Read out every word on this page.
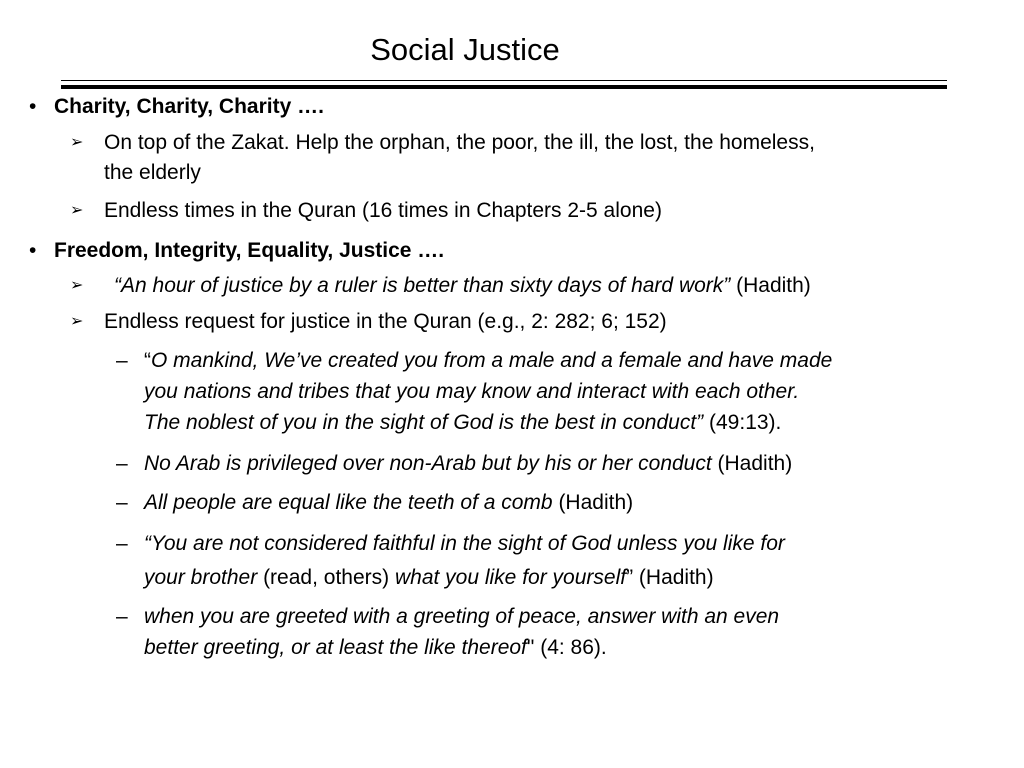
Social Justice
• Charity, Charity, Charity ….
➢ On top of the Zakat. Help the orphan, the poor, the ill, the lost, the homeless,
the elderly
➢ Endless times in the Quran (16 times in Chapters 2-5 alone)
• Freedom, Integrity, Equality, Justice ….
➢ “An hour of justice by a ruler is better than sixty days of hard work” (Hadith)
➢ Endless request for justice in the Quran (e.g., 2: 282; 6; 152)
– “O mankind, We’ve created you from a male and a female and have made
you nations and tribes that you may know and interact with each other.
The noblest of you in the sight of God is the best in conduct” (49:13).
– No Arab is privileged over non-Arab but by his or her conduct (Hadith)
– All people are equal like the teeth of a comb (Hadith)
– “You are not considered faithful in the sight of God unless you like for
your brother (read, others) what you like for yourself” (Hadith)
– when you are greeted with a greeting of peace, answer with an even
better greeting, or at least the like thereof" (4: 86).
